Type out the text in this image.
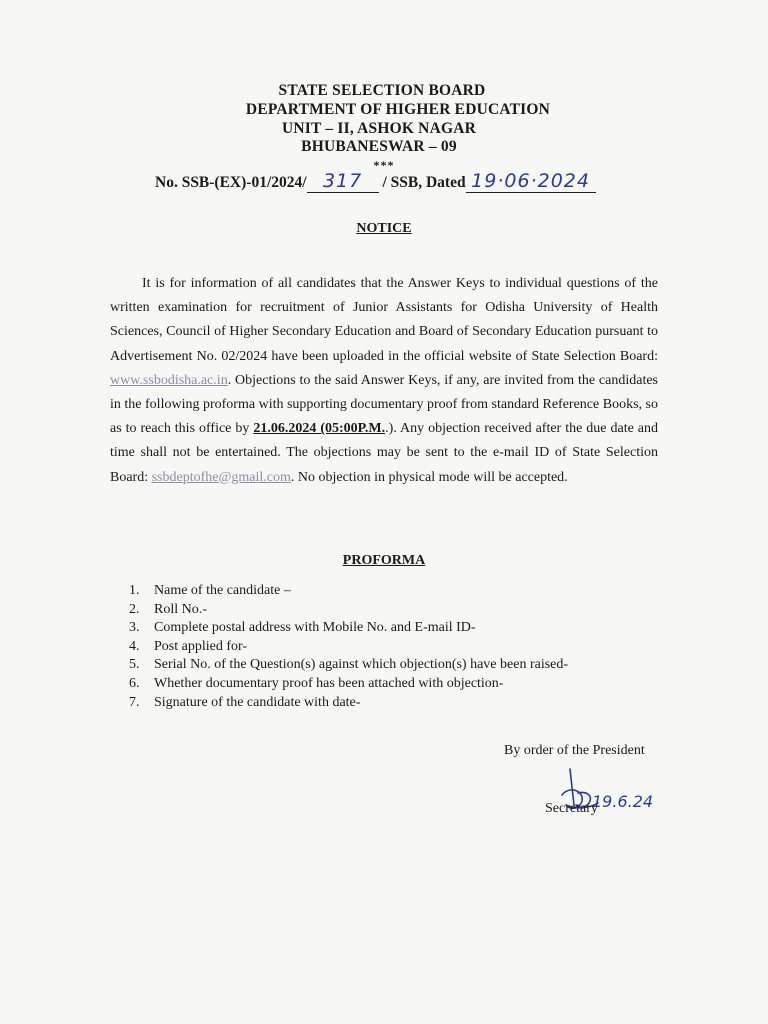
STATE SELECTION BOARD
DEPARTMENT OF HIGHER EDUCATION
UNIT – II, ASHOK NAGAR
BHUBANESWAR – 09
***
No. SSB-(EX)-01/2024/ 317 / SSB, Dated 19·06·2024
NOTICE

It is for information of all candidates that the Answer Keys to individual questions of the written examination for recruitment of Junior Assistants for Odisha University of Health Sciences, Council of Higher Secondary Education and Board of Secondary Education pursuant to Advertisement No. 02/2024 have been uploaded in the official website of State Selection Board: www.ssbodisha.ac.in. Objections to the said Answer Keys, if any, are invited from the candidates in the following proforma with supporting documentary proof from standard Reference Books, so as to reach this office by 21.06.2024 (05:00P.M..). Any objection received after the due date and time shall not be entertained. The objections may be sent to the e-mail ID of State Selection Board: ssbdeptofhe@gmail.com. No objection in physical mode will be accepted.

PROFORMA
1.	Name of the candidate –
2.	Roll No.-
3.	Complete postal address with Mobile No. and E-mail ID-
4.	Post applied for-
5.	Serial No. of the Question(s) against which objection(s) have been raised-
6.	Whether documentary proof has been attached with objection-
7.	Signature of the candidate with date-
By order of the President
Secretary
19.6.24
